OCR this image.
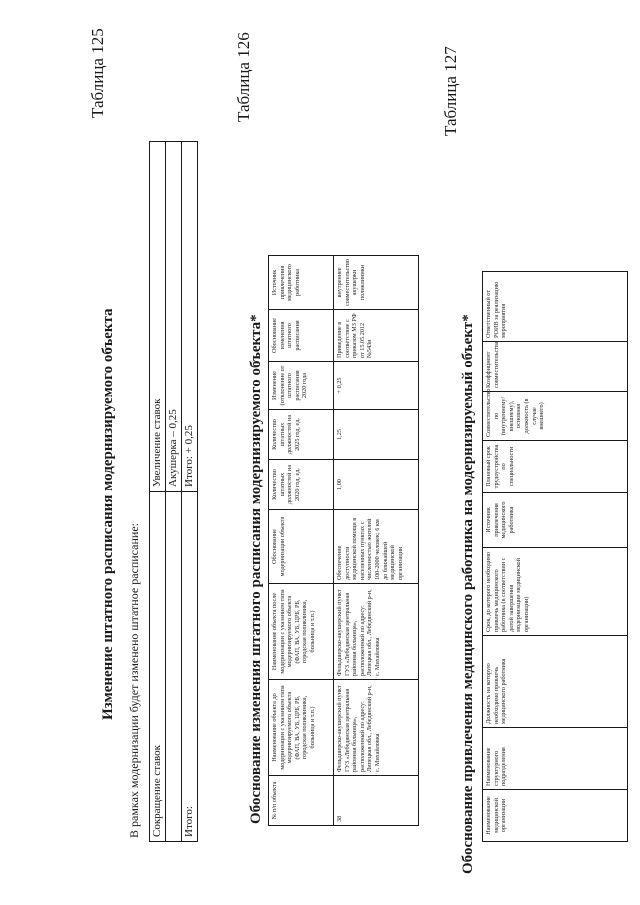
Таблица 125
Изменение штатного расписания модернизируемого объекта В рамках модернизации будет изменено штатное расписание: Сокращение ставок	Увеличение ставок
	Акушерка – 0,25
Итого:	Итого: + 0,25
Таблица 126
Обоснование изменения штатного расписания модернизируемого объекта* № п/п объекта	Наименование объекта до модернизации с указанием типа модернизируемого объекта (ФАП, ВА, УБ, ЦРБ, РБ, городская поликлиника, больница и т.п.)	Наименование объекта после модернизации с указанием типа модернизируемого объекта (ФАП, ВА, УБ, ЦРБ, РБ, городская поликлиника, больница и т.п.)	Обоснование модернизации объекта	Количество штатных должностей на 2020 год, ед.	Количество штатных должностей на 2025 год, ед.	Изменение (отклонение от штатного расписания 2020 года	Обоснование изменения штатного расписания	Источник привлечения медицинского работника
38	Фельдшерско-акушерский пункт ГУЗ «Лебедянская центральная районная больница», расположенный по адресу: Липецкая обл., Лебедянский р-н, с. Михайловка	Фельдшерско-акушерский пункт ГУЗ «Лебедянская центральная районная больница», расположенный по адресу: Липецкая обл., Лебедянский р-н, с. Михайловка	Обеспечение доступности медицинской помощи в населенных пунктах с численностью жителей 100-2000 человек; 6 км до ближайшей медицинской организации	1,00	1,25	+ 0,25	Приведение в соответствие с приказом МЗ РФ от 15.05.2012 №543н	внутреннее совместительство акушерки поликлиники
Таблица 127
Обоснование привлечения медицинского работника на модернизируемый объект* Наименование медицинской организации	Наименование структурного подразделения	Должность на которую необходимо привлечь медицинского работника	Срок, до которого необходимо привлечь медицинского работника (в соответствии с датой завершения модернизации медицинской организации)	Источник привлечения медицинского работника	Плановый срок трудоустройства по специальности	Совместительство по (внутреннему/внешнему), основная должность (в случае внешнего)	Коэффициент совместительства	Ответственный от РОИВ за реализацию мероприятия
